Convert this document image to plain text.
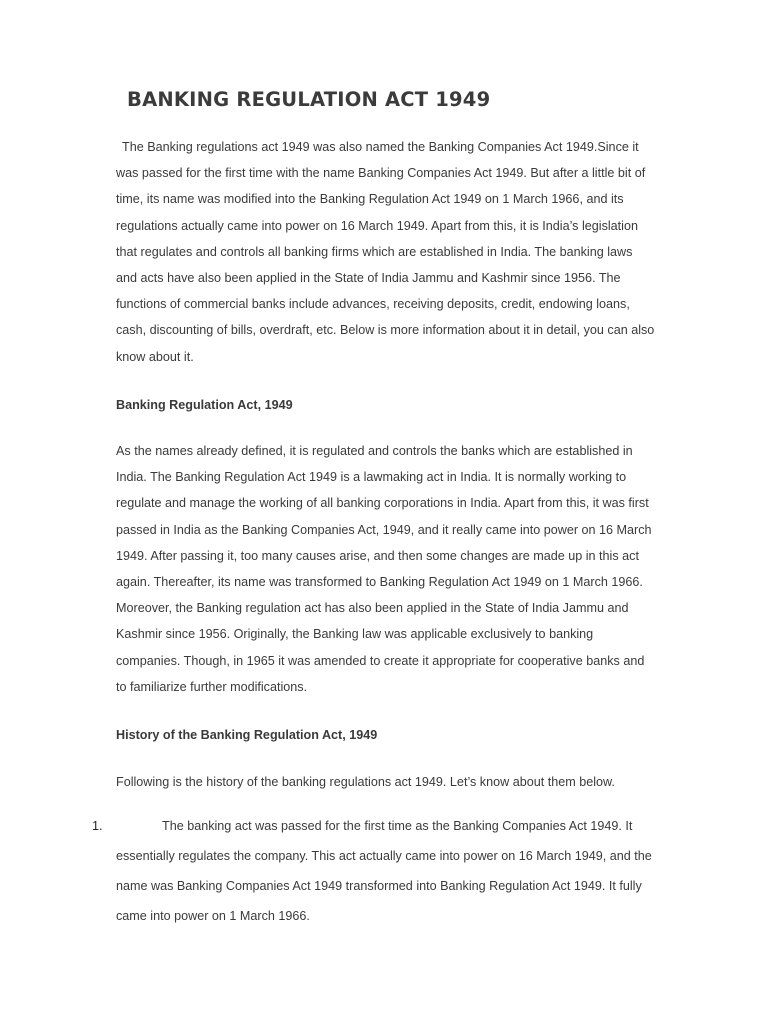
BANKING REGULATION ACT 1949

The Banking regulations act 1949 was also named the Banking Companies Act 1949.Since it was passed for the first time with the name Banking Companies Act 1949. But after a little bit of time, its name was modified into the Banking Regulation Act 1949 on 1 March 1966, and its regulations actually came into power on 16 March 1949. Apart from this, it is India’s legislation that regulates and controls all banking firms which are established in India. The banking laws and acts have also been applied in the State of India Jammu and Kashmir since 1956. The functions of commercial banks include advances, receiving deposits, credit, endowing loans, cash, discounting of bills, overdraft, etc. Below is more information about it in detail, you can also know about it.

Banking Regulation Act, 1949

As the names already defined, it is regulated and controls the banks which are established in India. The Banking Regulation Act 1949 is a lawmaking act in India. It is normally working to regulate and manage the working of all banking corporations in India. Apart from this, it was first passed in India as the Banking Companies Act, 1949, and it really came into power on 16 March 1949. After passing it, too many causes arise, and then some changes are made up in this act again. Thereafter, its name was transformed to Banking Regulation Act 1949 on 1 March 1966. Moreover, the Banking regulation act has also been applied in the State of India Jammu and Kashmir since 1956. Originally, the Banking law was applicable exclusively to banking companies. Though, in 1965 it was amended to create it appropriate for cooperative banks and to familiarize further modifications.

History of the Banking Regulation Act, 1949

Following is the history of the banking regulations act 1949. Let’s know about them below.

1.	The banking act was passed for the first time as the Banking Companies Act 1949. It essentially regulates the company. This act actually came into power on 16 March 1949, and the name was Banking Companies Act 1949 transformed into Banking Regulation Act 1949. It fully came into power on 1 March 1966.
